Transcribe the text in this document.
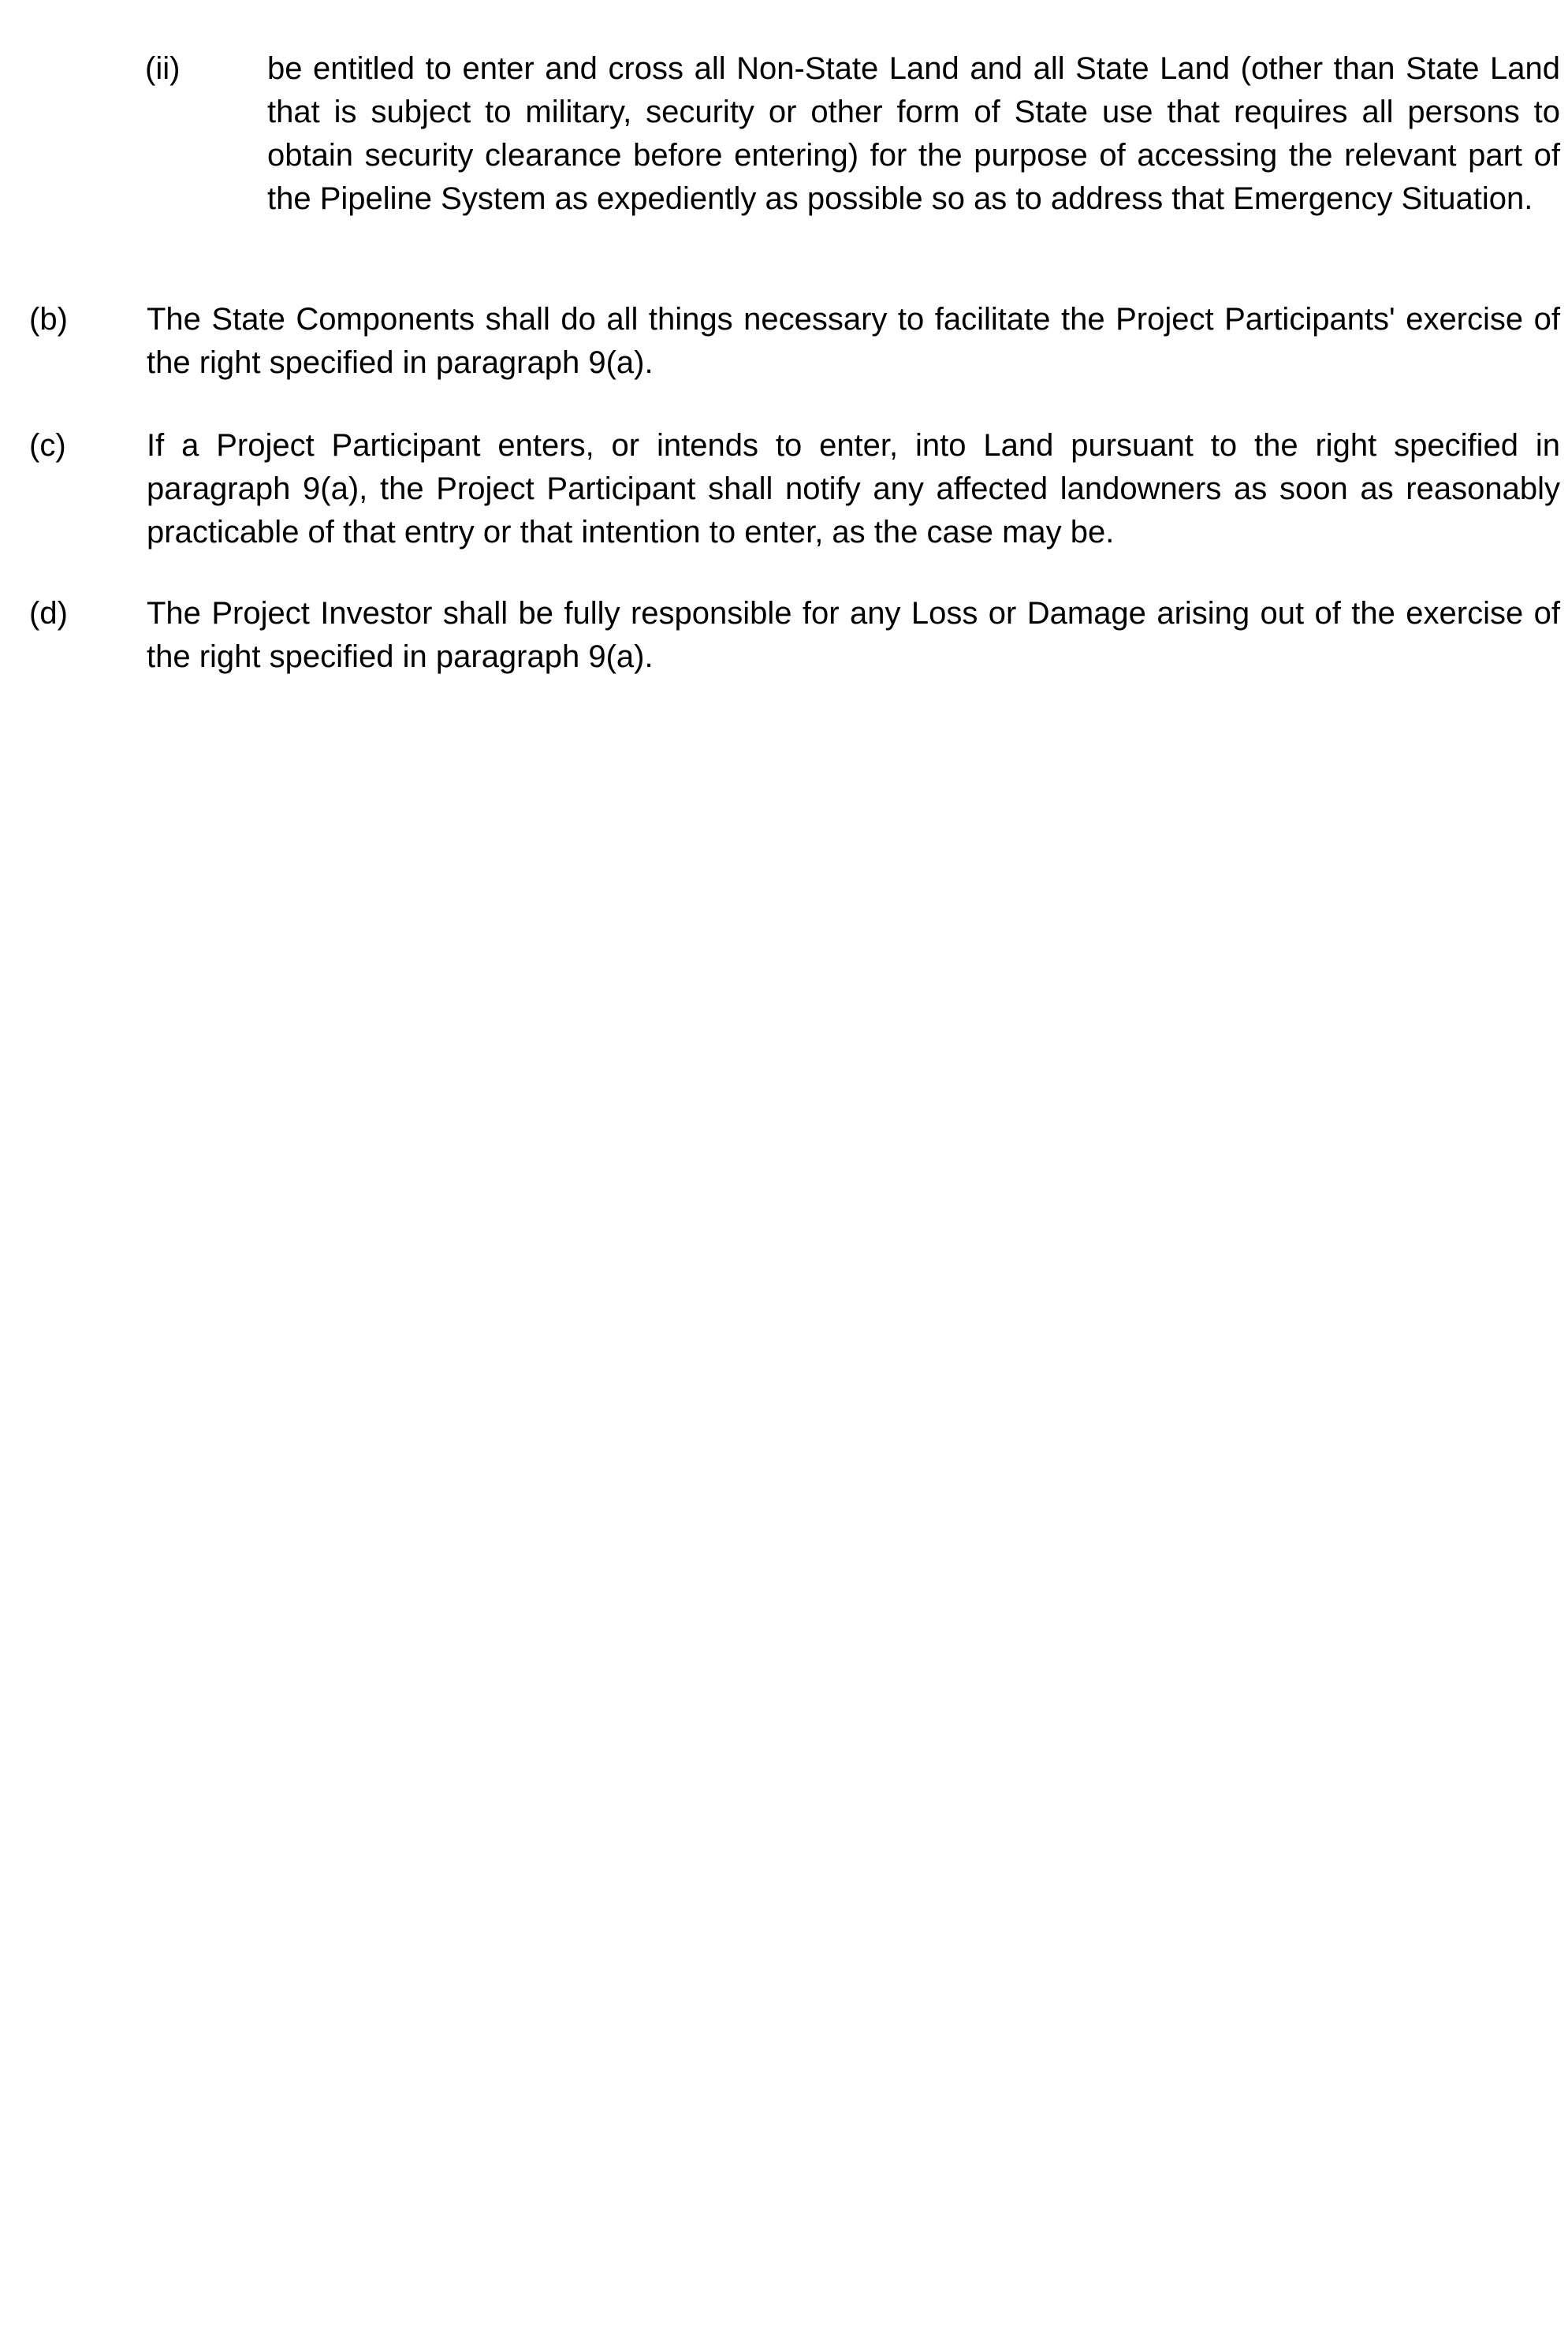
(ii)	be entitled to enter and cross all Non-State Land and all State Land (other than State Land that is subject to military, security or other form of State use that requires all persons to obtain security clearance before entering) for the purpose of accessing the relevant part of the Pipeline System as expediently as possible so as to address that Emergency Situation.
(b)	The State Components shall do all things necessary to facilitate the Project Participants' exercise of the right specified in paragraph 9(a).
(c)	If a Project Participant enters, or intends to enter, into Land pursuant to the right specified in paragraph 9(a), the Project Participant shall notify any affected landowners as soon as reasonably practicable of that entry or that intention to enter, as the case may be.
(d)	The Project Investor shall be fully responsible for any Loss or Damage arising out of the exercise of the right specified in paragraph 9(a).
